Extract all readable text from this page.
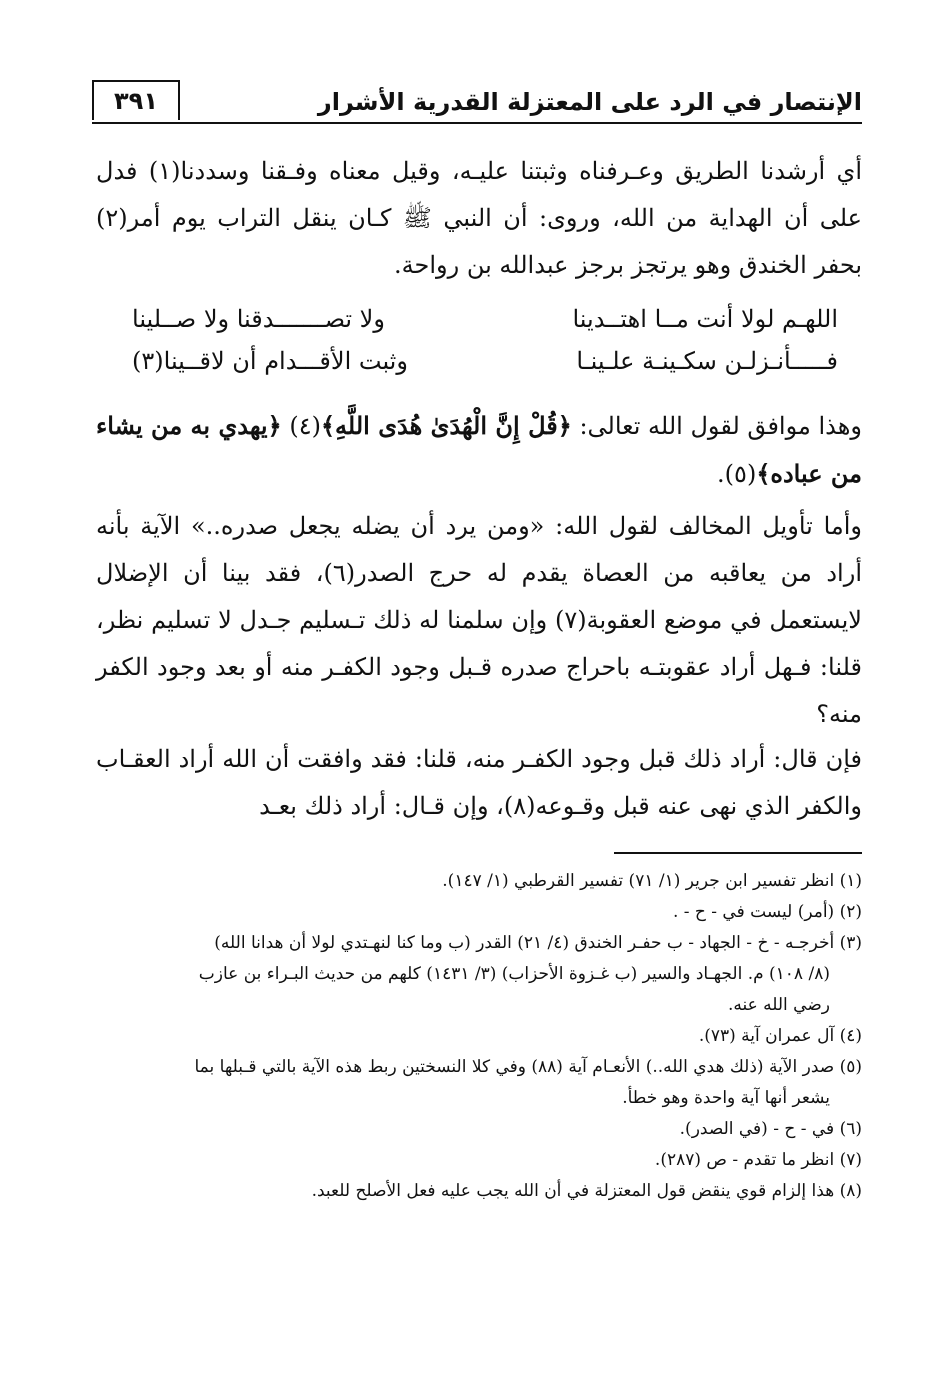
الإنتصار في الرد على المعتزلة القدرية الأشرار
٣٩١

أي أرشدنا الطريق وعـرفناه وثبتنا عليـه، وقيل معناه وفـقنا وسددنا(١) فدل على أن الهداية من الله، وروى: أن النبي ﷺ كـان ينقل التراب يوم أمر(٢) بحفر الخندق وهو يرتجز برجز عبدالله بن رواحة.

اللهـم لولا أنت مــا اهتــدينا
ولا تصـــــــدقنا ولا صــلينا
فـــــأنـزلـن سكـينـة علـينـا
وثبت الأقـــدام أن لاقــينا(٣)

وهذا موافق لقول الله تعالى: ﴿قُلْ إِنَّ الْهُدَىٰ هُدَى اللَّهِ﴾(٤) ﴿يهدي به من يشاء من عباده﴾(٥).

وأما تأويل المخالف لقول الله: «ومن يرد أن يضله يجعل صدره..» الآية بأنه أراد من يعاقبه من العصاة يقدم له حرج الصدر(٦)، فقد بينا أن الإضلال لايستعمل في موضع العقوبة(٧) وإن سلمنا له ذلك تـسليم جـدل لا تسليم نظر، قلنا: فـهل أراد عقوبتـه باحراج صدره قـبل وجود الكفـر منه أو بعد وجود الكفر منه؟

فإن قال: أراد ذلك قبل وجود الكفـر منه، قلنا: فقد وافقت أن الله أراد العقـاب والكفر الذي نهى عنه قبل وقـوعه(٨)، وإن قـال: أراد ذلك بعـد

(١) انظر تفسير ابن جرير (١/ ٧١) تفسير القرطبي (١/ ١٤٧).

(٢) (أمر) ليست في - ح - .

(٣) أخرجـه - خ - الجهاد - ب حفـر الخندق (٤/ ٢١) القدر (ب وما كنا لنهـتدي لولا أن هدانا الله)

(٨/ ١٠٨) م. الجهـاد والسير (ب غـزوة الأحزاب) (٣/ ١٤٣١) كلهم من حديث البـراء بن عازب

رضي الله عنه.

(٤) آل عمران آية (٧٣).

(٥) صدر الآية (ذلك هدي الله..) الأنعـام آية (٨٨) وفي كلا النسختين ربط هذه الآية بالتي قـبلها بما

يشعر أنها آية واحدة وهو خطأ.

(٦) في - ح - (في الصدر).

(٧) انظر ما تقدم - ص (٢٨٧).

(٨) هذا إلزام قوي ينقض قول المعتزلة في أن الله يجب عليه فعل الأصلح للعبد.
